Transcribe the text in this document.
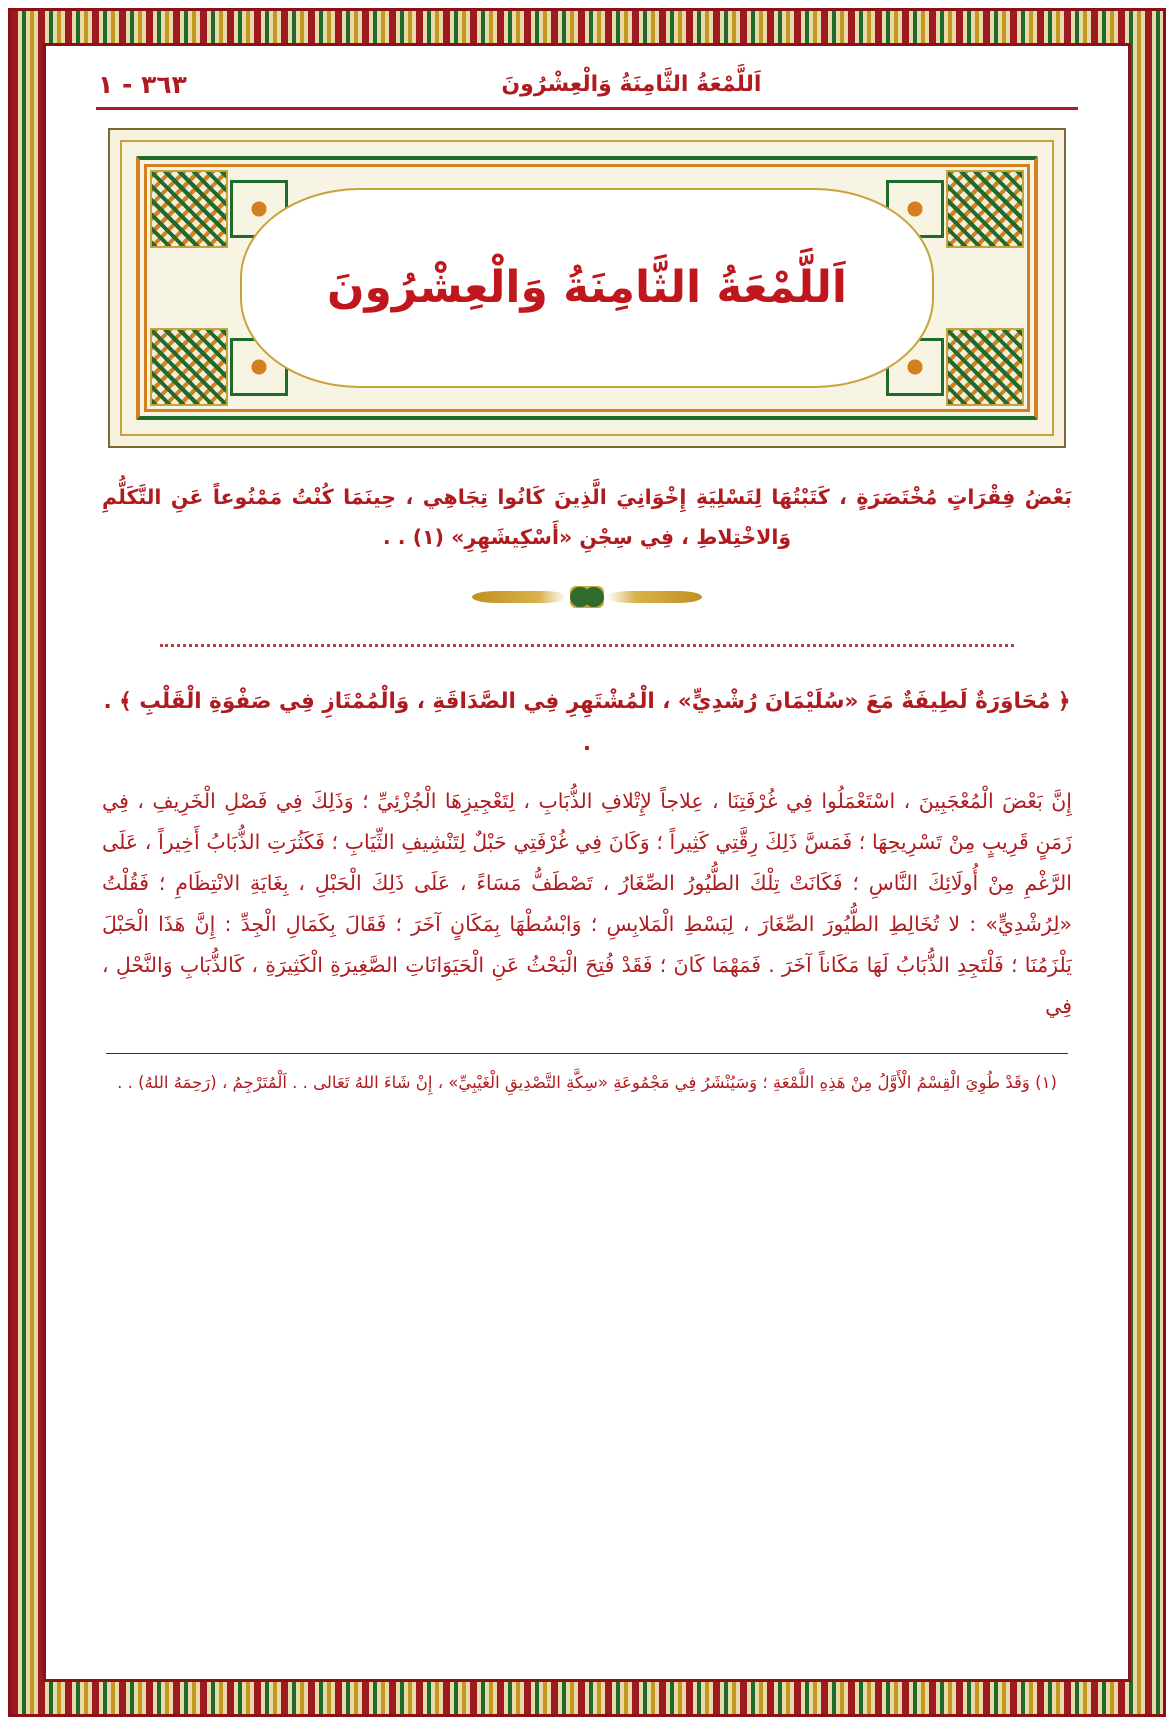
٣٦٣ - ١	اَللَّمْعَةُ الثَّامِنَةُ وَالْعِشْرُونَ
اَللَّمْعَةُ الثَّامِنَةُ وَالْعِشْرُونَ
بَعْضُ فِقْرَاتٍ مُخْتَصَرَةٍ ، كَتَبْتُهَا لِتَسْلِيَةِ إِخْوَانِيَ الَّذِينَ كَانُوا تِجَاهِي ، حِينَمَا كُنْتُ مَمْنُوعاً عَنِ التَّكَلُّمِ وَالاخْتِلاطِ ، فِي سِجْنِ «أَسْكِيشَهِرِ» (١) . .
﴿ مُحَاوَرَةٌ لَطِيفَةٌ مَعَ «سُلَيْمَانَ رُشْدِيٍّ» ، الْمُشْتَهِرِ فِي الصَّدَاقَةِ ، وَالْمُمْتَازِ فِي صَفْوَةِ الْقَلْبِ ﴾ . .
إِنَّ بَعْضَ الْمُعْجَبِينَ ، اسْتَعْمَلُوا فِي غُرْفَتِنَا ، عِلاجاً لإِتْلافِ الذُّبَابِ ، لِتَعْجِيزِهَا الْجُزْئِيِّ ؛ وَذَلِكَ فِي فَصْلِ الْخَرِيفِ ، فِي زَمَنٍ قَرِيبٍ مِنْ تَسْرِيحِهَا ؛ فَمَسَّ ذَلِكَ رِقَّتِي كَثِيراً ؛ وَكَانَ فِي غُرْفَتِي حَبْلٌ لِتَنْشِيفِ الثِّيَابِ ؛ فَكَثُرَتِ الذُّبَابُ أَخِيراً ، عَلَى الرَّغْمِ مِنْ أُولَائِكَ النَّاسِ ؛ فَكَانَتْ تِلْكَ الطُّيُورُ الصِّغَارُ ، تَصْطَفُّ مَسَاءً ، عَلَى ذَلِكَ الْحَبْلِ ، بِغَايَةِ الانْتِظَامِ ؛ فَقُلْتُ «لِرُشْدِيٍّ» : لا تُخَالِطِ الطُّيُورَ الصِّغَارَ ، لِبَسْطِ الْمَلابِسِ ؛ وَابْسُطْهَا بِمَكَانٍ آخَرَ ؛ فَقَالَ بِكَمَالِ الْجِدِّ : إِنَّ هَذَا الْحَبْلَ يَلْزَمُنَا ؛ فَلْتَجِدِ الذُّبَابُ لَهَا مَكَاناً آخَرَ . فَمَهْمَا كَانَ ؛ فَقَدْ فُتِحَ الْبَحْثُ عَنِ الْحَيَوَانَاتِ الصَّغِيرَةِ الْكَثِيرَةِ ، كَالذُّبَابِ وَالنَّحْلِ ، فِي
(١) وَقَدْ طُوِيَ الْقِسْمُ الْأَوَّلُ مِنْ هَذِهِ اللَّمْعَةِ ؛ وَسَيُنْشَرُ فِي مَجْمُوعَةِ «سِكَّةِ التَّصْدِيقِ الْغَيْبِيِّ» ، إِنْ شَاءَ اللهُ تَعَالى . . اَلْمُتَرْجِمُ ، (رَحِمَهُ اللهُ) . .
